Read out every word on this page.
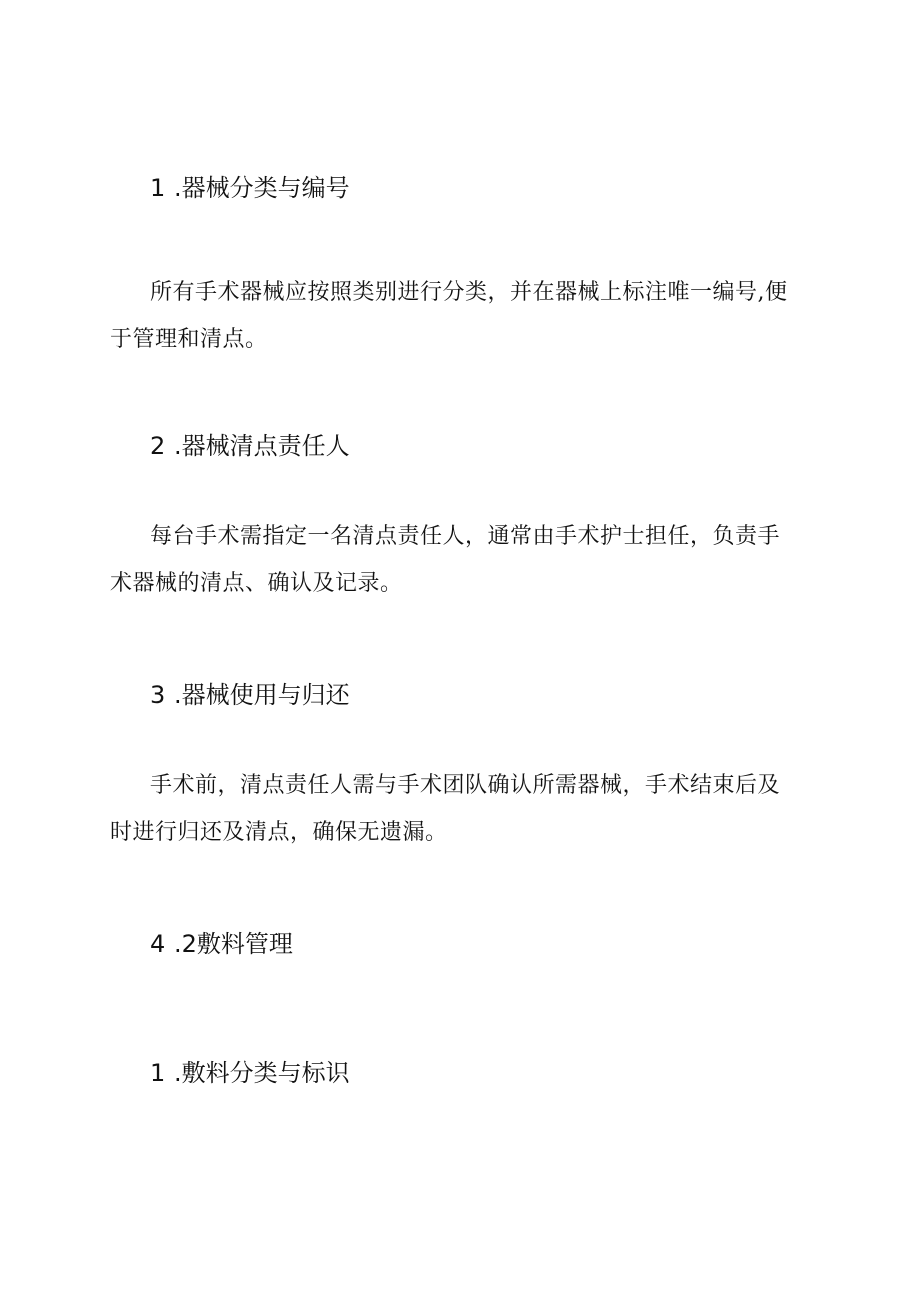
1 .器械分类与编号

所有手术器械应按照类别进行分类，并在器械上标注唯一编号,便于管理和清点。

2 .器械清点责任人

每台手术需指定一名清点责任人，通常由手术护士担任，负责手术器械的清点、确认及记录。

3 .器械使用与归还

手术前，清点责任人需与手术团队确认所需器械，手术结束后及时进行归还及清点，确保无遗漏。

4 .2敷料管理
1 .敷料分类与标识
